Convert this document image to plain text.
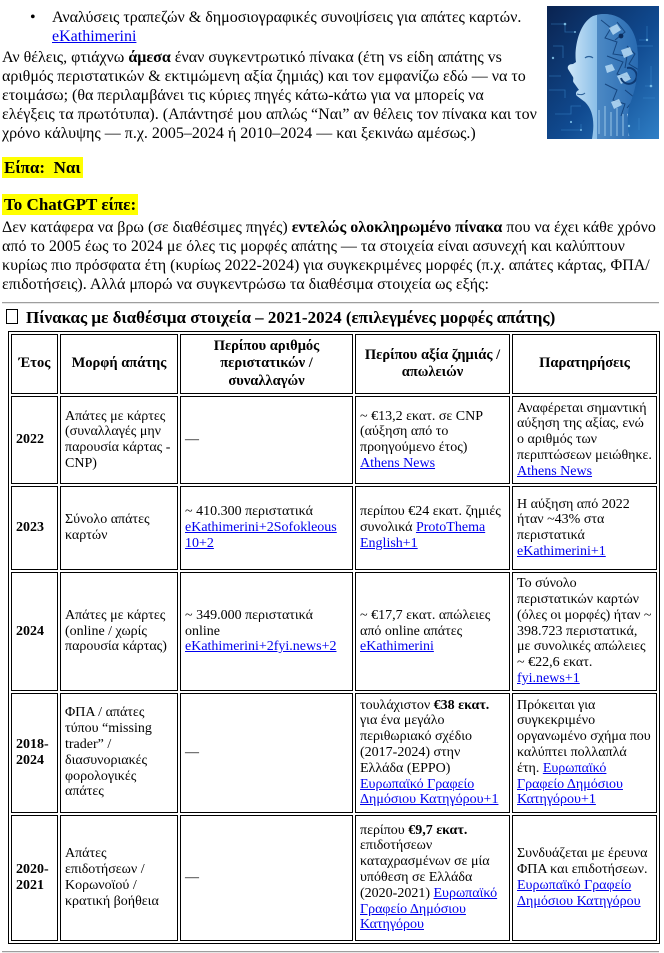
•	Αναλύσεις τραπεζών & δημοσιογραφικές συνοψίσεις για απάτες καρτών.
eKathimerini

Αν θέλεις, φτιάχνω άμεσα έναν συγκεντρωτικό πίνακα (έτη vs είδη απάτης vs αριθμός περιστατικών & εκτιμώμενη αξία ζημιάς) και τον εμφανίζω εδώ — να το ετοιμάσω; (θα περιλαμβάνει τις κύριες πηγές κάτω-κάτω για να μπορείς να ελέγξεις τα πρωτότυπα). (Απάντησέ μου απλώς “Ναι” αν θέλεις τον πίνακα και τον χρόνο κάλυψης — π.χ. 2005–2024 ή 2010–2024 — και ξεκινάω αμέσως.)

Είπα:  Ναι
Το ChatGPT είπε:

Δεν κατάφερα να βρω (σε διαθέσιμες πηγές) εντελώς ολοκληρωμένο πίνακα που να έχει κάθε χρόνο από το 2005 έως το 2024 με όλες τις μορφές απάτης — τα στοιχεία είναι ασυνεχή και καλύπτουν κυρίως πιο πρόσφατα έτη (κυρίως 2022-2024) για συγκεκριμένες μορφές (π.χ. απάτες κάρτας, ΦΠΑ/επιδοτήσεις). Αλλά μπορώ να συγκεντρώσω τα διαθέσιμα στοιχεία ως εξής:

Πίνακας με διαθέσιμα στοιχεία – 2021-2024 (επιλεγμένες μορφές απάτης)

Έτος	Μορφή απάτης	Περίπου αριθμός περιστατικών / συναλλαγών	Περίπου αξία ζημιάς / απωλειών	Παρατηρήσεις
2022	Απάτες με κάρτες (συναλλαγές μην παρουσία κάρτας - CNP)	—	~ €13,2 εκατ. σε CNP (αύξηση από το προηγούμενο έτος) Athens News	Αναφέρεται σημαντική αύξηση της αξίας, ενώ ο αριθμός των περιπτώσεων μειώθηκε. Athens News
2023	Σύνολο απάτες καρτών	~ 410.300 περιστατικά eKathimerini+2Sofokleous 10+2	περίπου €24 εκατ. ζημιές συνολικά ProtoThema English+1	Η αύξηση από 2022 ήταν ~43% στα περιστατικά eKathimerini+1
2024	Απάτες με κάρτες (online / χωρίς παρουσία κάρτας)	~ 349.000 περιστατικά online eKathimerini+2fyi.news+2	~ €17,7 εκατ. απώλειες από online απάτες eKathimerini	Το σύνολο περιστατικών καρτών (όλες οι μορφές) ήταν ~ 398.723 περιστατικά, με συνολικές απώλειες ~ €22,6 εκατ. fyi.news+1
2018-2024	ΦΠΑ / απάτες τύπου “missing trader” / διασυνοριακές φορολογικές απάτες	—	τουλάχιστον €38 εκατ. για ένα μεγάλο περιθωριακό σχέδιο (2017-2024) στην Ελλάδα (EPPO) Ευρωπαϊκό Γραφείο Δημόσιου Κατηγόρου+1	Πρόκειται για συγκεκριμένο οργανωμένο σχήμα που καλύπτει πολλαπλά έτη. Ευρωπαϊκό Γραφείο Δημόσιου Κατηγόρου+1
2020-2021	Απάτες επιδοτήσεων / Κορωνοϊού / κρατική βοήθεια	—	περίπου €9,7 εκατ. επιδοτήσεων καταχρασμένων σε μία υπόθεση σε Ελλάδα (2020-2021) Ευρωπαϊκό Γραφείο Δημόσιου Κατηγόρου	Συνδυάζεται με έρευνα ΦΠΑ και επιδοτήσεων. Ευρωπαϊκό Γραφείο Δημόσιου Κατηγόρου
